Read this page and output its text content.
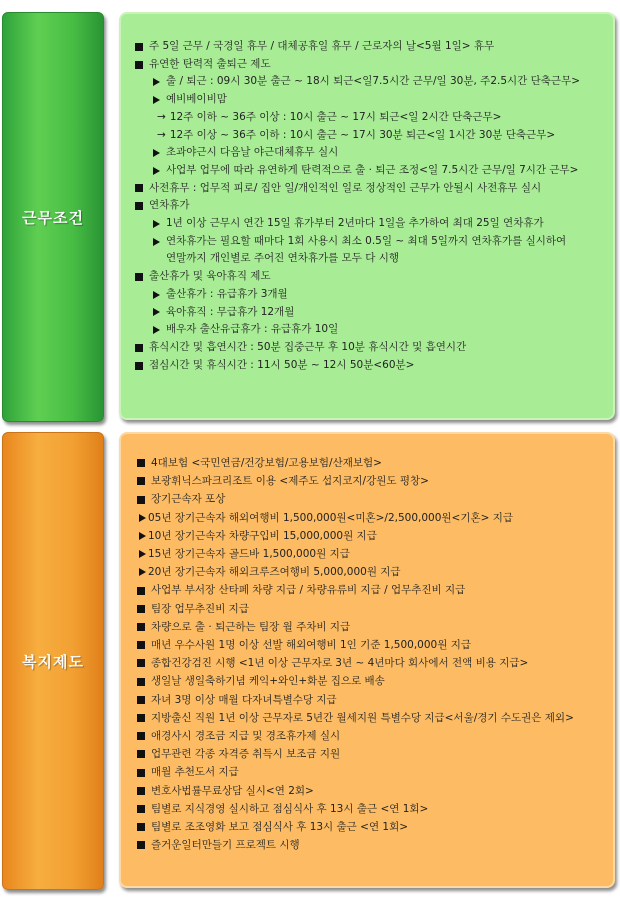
근무조건
주 5일 근무 / 국경일 휴무 / 대체공휴일 휴무 / 근로자의 날<5월 1일> 휴무
유연한 탄력적 출퇴근 제도
출 / 퇴근 : 09시 30분 출근 ~ 18시 퇴근<일7.5시간 근무/일 30분, 주2.5시간 단축근무>
예비베이비맘
→ 12주 이하 ~ 36주 이상 : 10시 출근 ~ 17시 퇴근<일 2시간 단축근무>
→ 12주 이상 ~ 36주 이하 : 10시 출근 ~ 17시 30분 퇴근<일 1시간 30분 단축근무>
초과야근시 다음날 야근대체휴무 실시
사업부 업무에 따라 유연하게 탄력적으로 출 · 퇴근 조정<일 7.5시간 근무/일 7시간 근무>
사전휴무 : 업무적 피로/ 집안 일/개인적인 일로 정상적인 근무가 안될시 사전휴무 실시
연차휴가
1년 이상 근무시 연간 15일 휴가부터 2년마다 1일을 추가하여 최대 25일 연차휴가
연차휴가는 필요할 때마다 1회 사용시 최소 0.5일 ~ 최대 5일까지 연차휴가를 실시하여
연말까지 개인별로 주어진 연차휴가를 모두 다 시행
출산휴가 및 육아휴직 제도
출산휴가 : 유급휴가 3개월
육아휴직 : 무급휴가 12개월
배우자 출산유급휴가 : 유급휴가 10일
휴식시간 및 흡연시간 : 50분 집중근무 후 10분 휴식시간 및 흡연시간
점심시간 및 휴식시간 : 11시 50분 ~ 12시 50분<60분>
복지제도
4대보험 <국민연금/건강보험/고용보험/산재보험>
보광휘닉스파크리조트 이용 <제주도 섭지코지/강원도 평창>
장기근속자 포상
05년 장기근속자 해외여행비 1,500,000원<미혼>/2,500,000원<기혼> 지급
10년 장기근속자 차량구입비 15,000,000원 지급
15년 장기근속자 골드바 1,500,000원 지급
20년 장기근속자 해외크루즈여행비 5,000,000원 지급
사업부 부서장 산타페 차량 지급 / 차량유류비 지급 / 업무추진비 지급
팀장 업무추진비 지급
차량으로 출 · 퇴근하는 팀장 월 주차비 지급
매년 우수사원 1명 이상 선발 해외여행비 1인 기준 1,500,000원 지급
종합건강검진 시행 <1년 이상 근무자로 3년 ~ 4년마다 회사에서 전액 비용 지급>
생일날 생일축하기념 케익+와인+화분 집으로 배송
자녀 3명 이상 매월 다자녀특별수당 지급
지방출신 직원 1년 이상 근무자로 5년간 월세지원 특별수당 지급<서울/경기 수도권은 제외>
애경사시 경조금 지급 및 경조휴가제 실시
업무관련 각종 자격증 취득시 보조금 지원
매월 추천도서 지급
변호사법률무료상담 실시<연 2회>
팀별로 지식경영 실시하고 점심식사 후 13시 출근 <연 1회>
팀별로 조조영화 보고 점심식사 후 13시 출근 <연 1회>
즐거운일터만들기 프로젝트 시행
